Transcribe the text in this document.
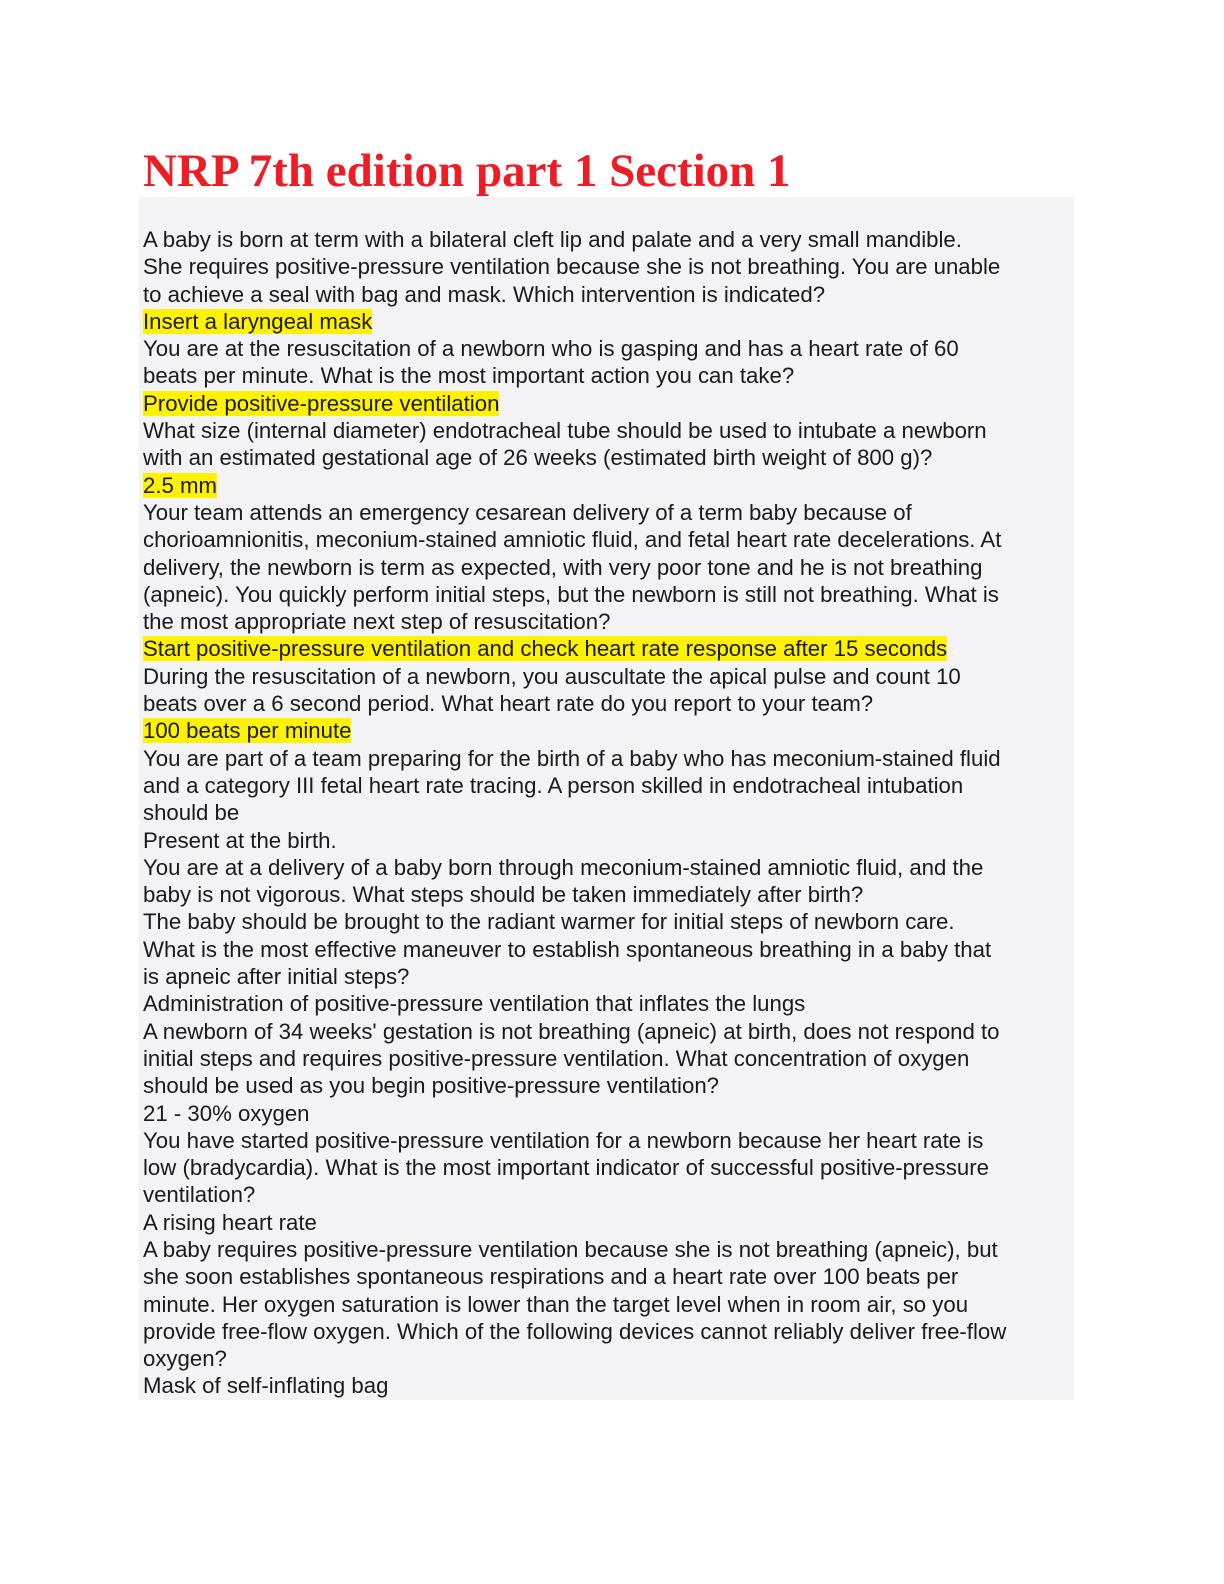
NRP 7th edition part 1 Section 1
A baby is born at term with a bilateral cleft lip and palate and a very small mandible.
She requires positive-pressure ventilation because she is not breathing. You are unable
to achieve a seal with bag and mask. Which intervention is indicated?
Insert a laryngeal mask
You are at the resuscitation of a newborn who is gasping and has a heart rate of 60
beats per minute. What is the most important action you can take?
Provide positive-pressure ventilation
What size (internal diameter) endotracheal tube should be used to intubate a newborn
with an estimated gestational age of 26 weeks (estimated birth weight of 800 g)?
2.5 mm
Your team attends an emergency cesarean delivery of a term baby because of
chorioamnionitis, meconium-stained amniotic fluid, and fetal heart rate decelerations. At
delivery, the newborn is term as expected, with very poor tone and he is not breathing
(apneic). You quickly perform initial steps, but the newborn is still not breathing. What is
the most appropriate next step of resuscitation?
Start positive-pressure ventilation and check heart rate response after 15 seconds
During the resuscitation of a newborn, you auscultate the apical pulse and count 10
beats over a 6 second period. What heart rate do you report to your team?
100 beats per minute
You are part of a team preparing for the birth of a baby who has meconium-stained fluid
and a category III fetal heart rate tracing. A person skilled in endotracheal intubation
should be
Present at the birth.
You are at a delivery of a baby born through meconium-stained amniotic fluid, and the
baby is not vigorous. What steps should be taken immediately after birth?
The baby should be brought to the radiant warmer for initial steps of newborn care.
What is the most effective maneuver to establish spontaneous breathing in a baby that
is apneic after initial steps?
Administration of positive-pressure ventilation that inflates the lungs
A newborn of 34 weeks' gestation is not breathing (apneic) at birth, does not respond to
initial steps and requires positive-pressure ventilation. What concentration of oxygen
should be used as you begin positive-pressure ventilation?
21 - 30% oxygen
You have started positive-pressure ventilation for a newborn because her heart rate is
low (bradycardia). What is the most important indicator of successful positive-pressure
ventilation?
A rising heart rate
A baby requires positive-pressure ventilation because she is not breathing (apneic), but
she soon establishes spontaneous respirations and a heart rate over 100 beats per
minute. Her oxygen saturation is lower than the target level when in room air, so you
provide free-flow oxygen. Which of the following devices cannot reliably deliver free-flow
oxygen?
Mask of self-inflating bag
